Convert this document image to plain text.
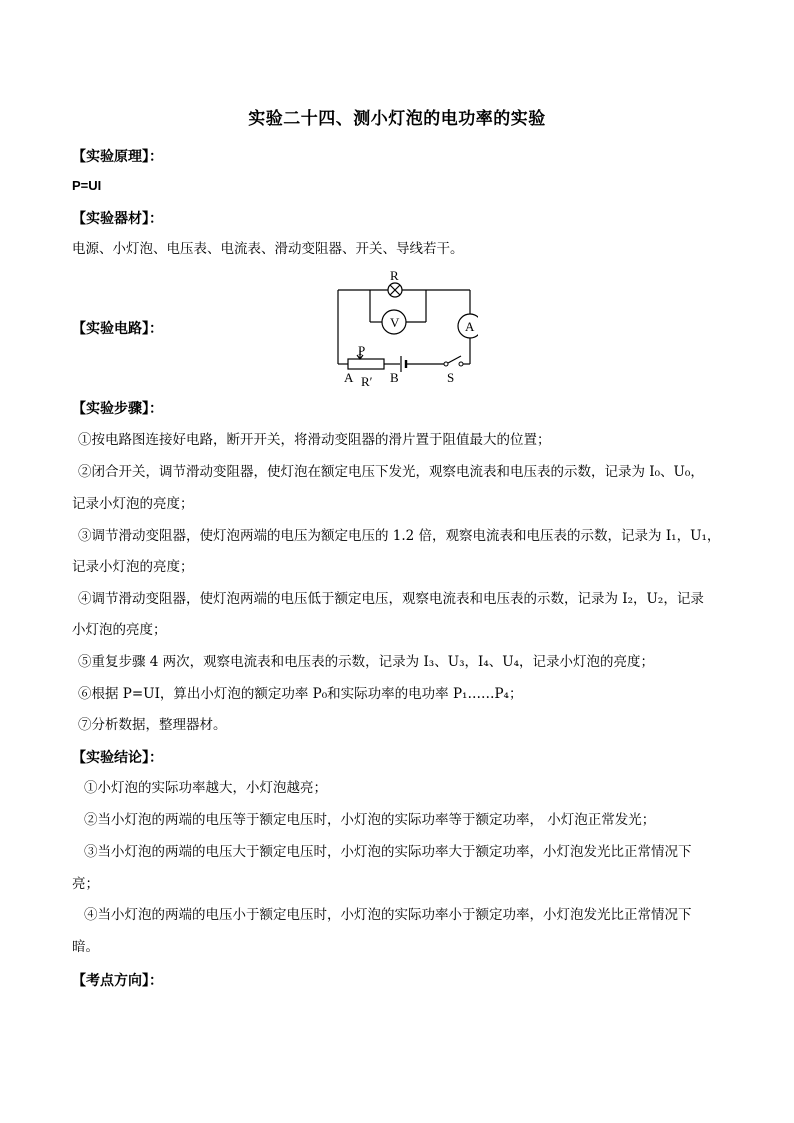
实验二十四、测小灯泡的电功率的实验
【实验原理】：
P=UI
【实验器材】：
电源、小灯泡、电压表、电流表、滑动变阻器、开关、导线若干。
【实验电路】：
R
V	A
P
A R′ B	S
【实验步骤】：
①按电路图连接好电路，断开开关，将滑动变阻器的滑片置于阻值最大的位置；
②闭合开关，调节滑动变阻器，使灯泡在额定电压下发光，观察电流表和电压表的示数，记录为 I₀、U₀，
记录小灯泡的亮度；
③调节滑动变阻器，使灯泡两端的电压为额定电压的 1.2 倍，观察电流表和电压表的示数，记录为 I₁，U₁，
记录小灯泡的亮度；
④调节滑动变阻器，使灯泡两端的电压低于额定电压，观察电流表和电压表的示数，记录为 I₂，U₂，记录
小灯泡的亮度；
⑤重复步骤 4 两次，观察电流表和电压表的示数，记录为 I₃、U₃，I₄、U₄，记录小灯泡的亮度；
⑥根据 P=UI，算出小灯泡的额定功率 P₀和实际功率的电功率 P₁……P₄；
⑦分析数据，整理器材。
【实验结论】：
①小灯泡的实际功率越大，小灯泡越亮；
②当小灯泡的两端的电压等于额定电压时，小灯泡的实际功率等于额定功率， 小灯泡正常发光；
③当小灯泡的两端的电压大于额定电压时，小灯泡的实际功率大于额定功率，小灯泡发光比正常情况下
亮；
④当小灯泡的两端的电压小于额定电压时，小灯泡的实际功率小于额定功率，小灯泡发光比正常情况下
暗。
【考点方向】：
